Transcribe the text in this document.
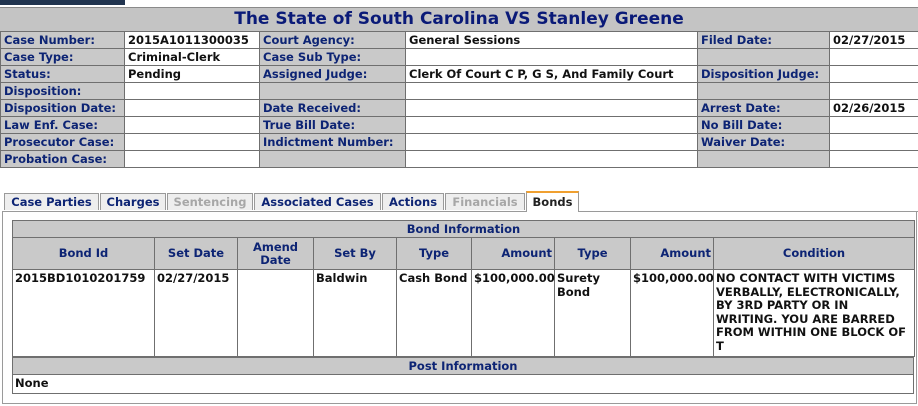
The State of South Carolina VS Stanley Greene
Case Number:	2015A1011300035	Court Agency:	General Sessions	Filed Date:	02/27/2015
Case Type:	Criminal-Clerk	Case Sub Type:			
Status:	Pending	Assigned Judge:	Clerk Of Court C P, G S, And Family Court	Disposition Judge:	
Disposition:					
Disposition Date:		Date Received:		Arrest Date:	02/26/2015
Law Enf. Case:		True Bill Date:		No Bill Date:	
Prosecutor Case:		Indictment Number:		Waiver Date:	
Probation Case:					
Case Parties	Charges	Sentencing	Associated Cases	Actions	Financials	Bonds
Bond Information								
Bond Id	Set Date	Amend Date	Set By	Type	Amount	Type	Amount	Condition
2015BD1010201759	02/27/2015		Baldwin	Cash Bond	$100,000.00	Surety Bond	$100,000.00	NO CONTACT WITH VICTIMS VERBALLY, ELECTRONICALLY, BY 3RD PARTY OR IN WRITING. YOU ARE BARRED FROM WITHIN ONE BLOCK OF T
Post Information
None
